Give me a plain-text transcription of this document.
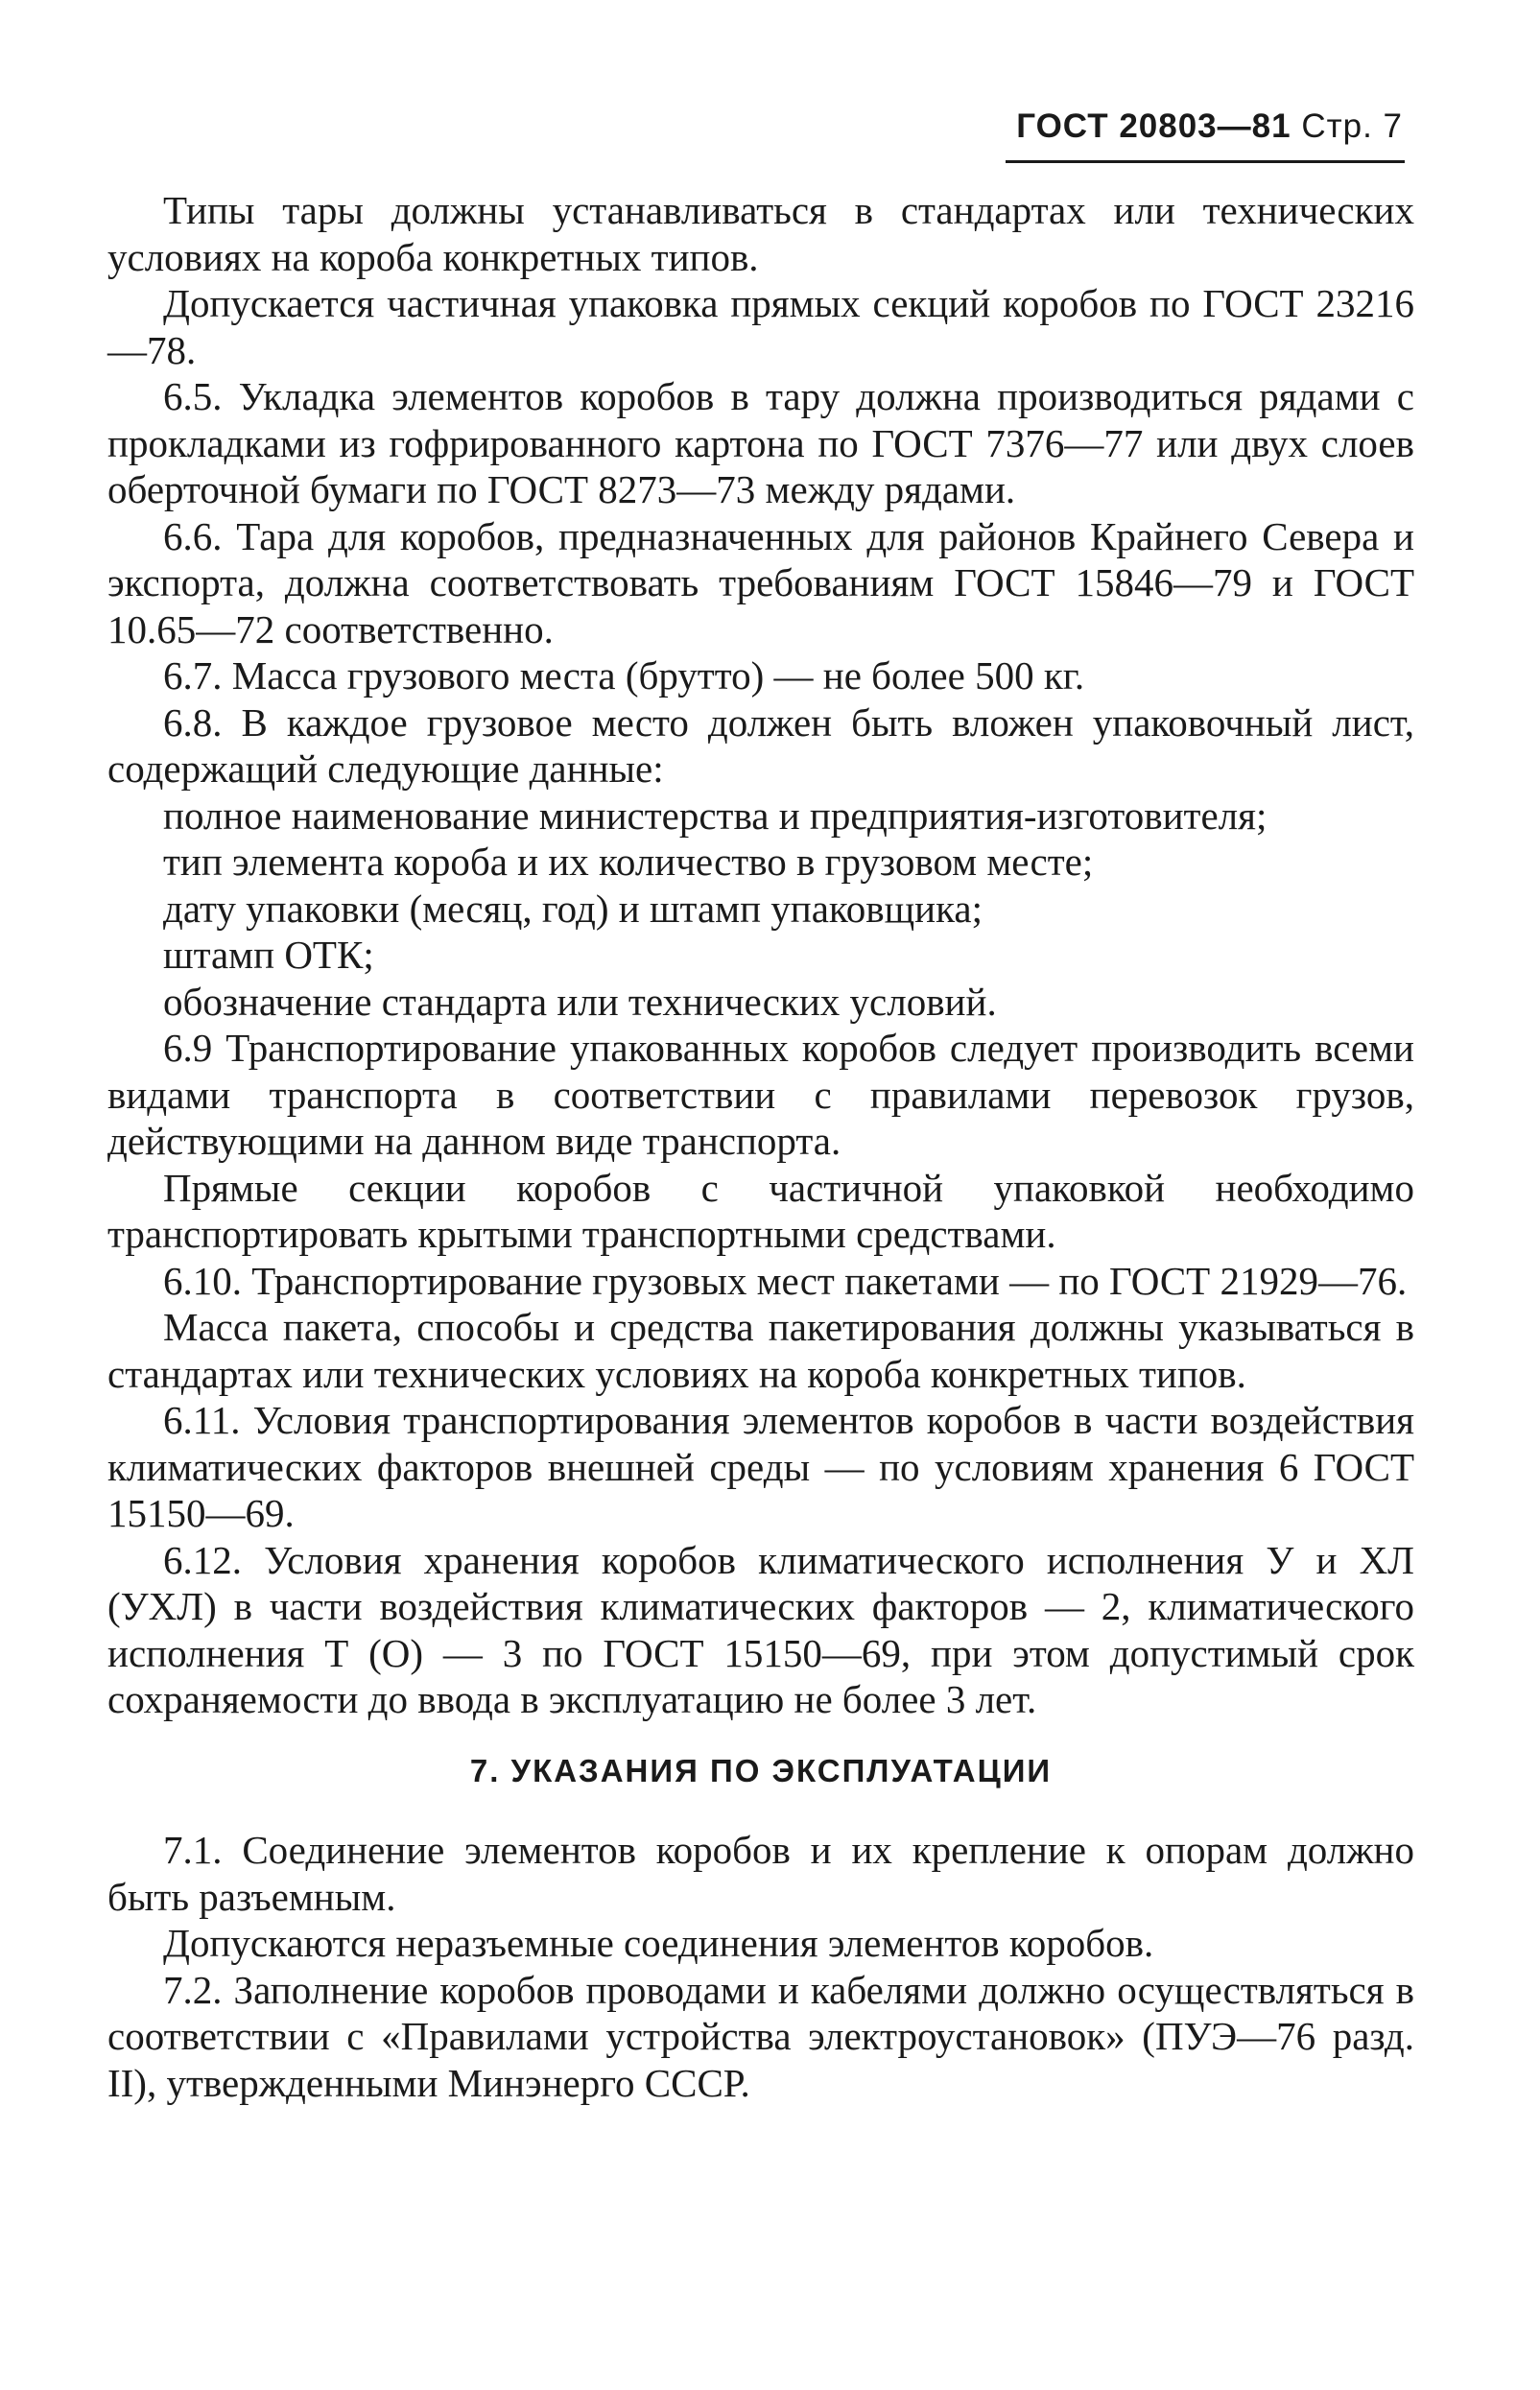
ГОСТ 20803—81 Стр. 7

Типы тары должны устанавливаться в стандартах или технических условиях на короба конкретных типов.

Допускается частичная упаковка прямых секций коробов по ГОСТ 23216—78.

6.5. Укладка элементов коробов в тару должна производиться рядами с прокладками из гофрированного картона по ГОСТ 7376—77 или двух слоев оберточной бумаги по ГОСТ 8273—73 между рядами.

6.6. Тара для коробов, предназначенных для районов Крайнего Севера и экспорта, должна соответствовать требованиям ГОСТ 15846—79 и ГОСТ 10.65—72 соответственно.

6.7. Масса грузового места (брутто) — не более 500 кг.

6.8. В каждое грузовое место должен быть вложен упаковочный лист, содержащий следующие данные:

полное наименование министерства и предприятия-изготовителя;

тип элемента короба и их количество в грузовом месте;

дату упаковки (месяц, год) и штамп упаковщика;

штамп ОТК;

обозначение стандарта или технических условий.

6.9 Транспортирование упакованных коробов следует производить всеми видами транспорта в соответствии с правилами перевозок грузов, действующими на данном виде транспорта.

Прямые секции коробов с частичной упаковкой необходимо транспортировать крытыми транспортными средствами.

6.10. Транспортирование грузовых мест пакетами — по ГОСТ 21929—76.

Масса пакета, способы и средства пакетирования должны указываться в стандартах или технических условиях на короба конкретных типов.

6.11. Условия транспортирования элементов коробов в части воздействия климатических факторов внешней среды — по условиям хранения 6 ГОСТ 15150—69.

6.12. Условия хранения коробов климатического исполнения У и ХЛ (УХЛ) в части воздействия климатических факторов — 2, климатического исполнения Т (О) — 3 по ГОСТ 15150—69, при этом допустимый срок сохраняемости до ввода в эксплуатацию не более 3 лет.

7. УКАЗАНИЯ ПО ЭКСПЛУАТАЦИИ

7.1. Соединение элементов коробов и их крепление к опорам должно быть разъемным.

Допускаются неразъемные соединения элементов коробов.

7.2. Заполнение коробов проводами и кабелями должно осуществляться в соответствии с «Правилами устройства электроустановок» (ПУЭ—76 разд. II), утвержденными Минэнерго СССР.
